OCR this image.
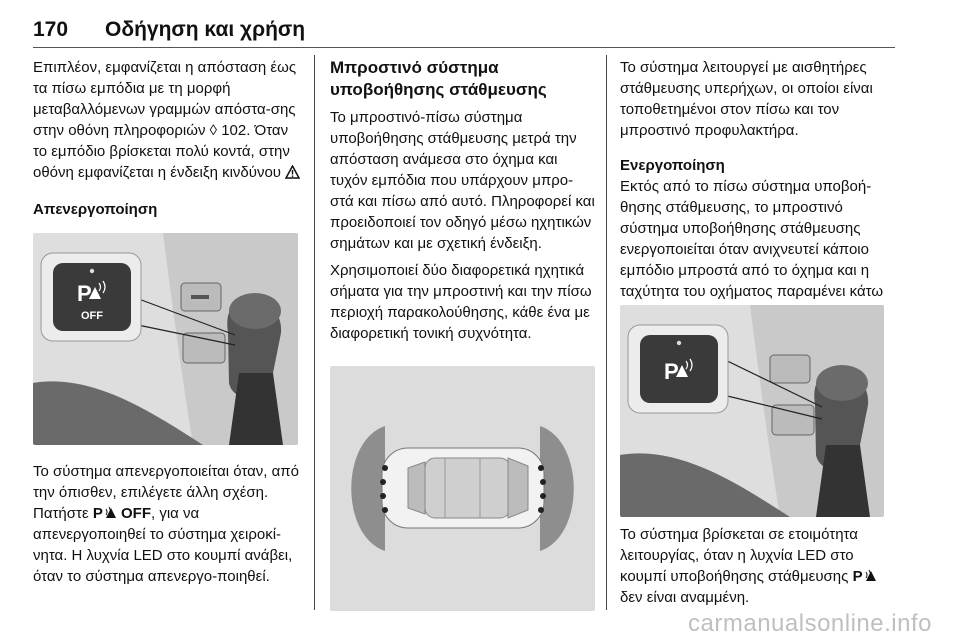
170 Οδήγηση και χρήση

Επιπλέον, εμφανίζεται η απόσταση έως τα πίσω εμπόδια με τη μορφή μεταβαλλόμενων γραμμών απόστα-σης στην οθόνη πληροφοριών ◊ 102. Όταν το εμπόδιο βρίσκεται πολύ κοντά, στην οθόνη εμφανίζεται η ένδειξη κινδύνου

Απενεργοποίηση

P
OFF

Το σύστημα απενεργοποιείται όταν, από την όπισθεν, επιλέγετε άλλη σχέση. Πατήστε P OFF, για να απενεργοποιηθεί το σύστημα χειροκί-νητα. Η λυχνία LED στο κουμπί ανάβει, όταν το σύστημα απενεργο-ποιηθεί.

Μπροστινό σύστημα υποβοήθησης στάθμευσης

Το μπροστινό-πίσω σύστημα υποβοήθησης στάθμευσης μετρά την απόσταση ανάμεσα στο όχημα και τυχόν εμπόδια που υπάρχουν μπρο-στά και πίσω από αυτό. Πληροφορεί και προειδοποιεί τον οδηγό μέσω ηχητικών σημάτων και με σχετική ένδειξη.

Χρησιμοποιεί δύο διαφορετικά ηχητικά σήματα για την μπροστινή και την πίσω περιοχή παρακολούθησης, κάθε ένα με διαφορετική τονική συχνότητα.

Το σύστημα λειτουργεί με αισθητήρες στάθμευσης υπερήχων, οι οποίοι είναι τοποθετημένοι στον πίσω και τον μπροστινό προφυλακτήρα.

Ενεργοποίηση

Εκτός από το πίσω σύστημα υποβοή-θησης στάθμευσης, το μπροστινό σύστημα υποβοήθησης στάθμευσης ενεργοποιείται όταν ανιχνευτεί κάποιο εμπόδιο μπροστά από το όχημα και η ταχύτητα του οχήματος παραμένει κάτω

P

Το σύστημα βρίσκεται σε ετοιμότητα λειτουργίας, όταν η λυχνία LED στο κουμπί υποβοήθησης στάθμευσης P δεν είναι αναμμένη.

carmanualsonline.info
